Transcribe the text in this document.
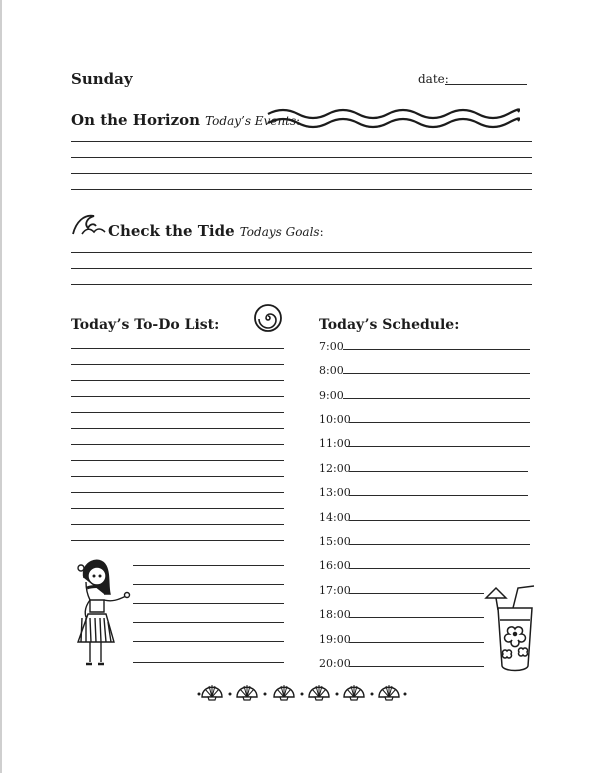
Sunday	date:
On the Horizon Today’s Events:
Check the Tide Todays Goals:
Today’s To-Do List:	Today’s Schedule:
7:00
8:00
9:00
10:00
11:00
12:00
13:00
14:00
15:00
16:00
17:00
18:00
19:00
20:00
